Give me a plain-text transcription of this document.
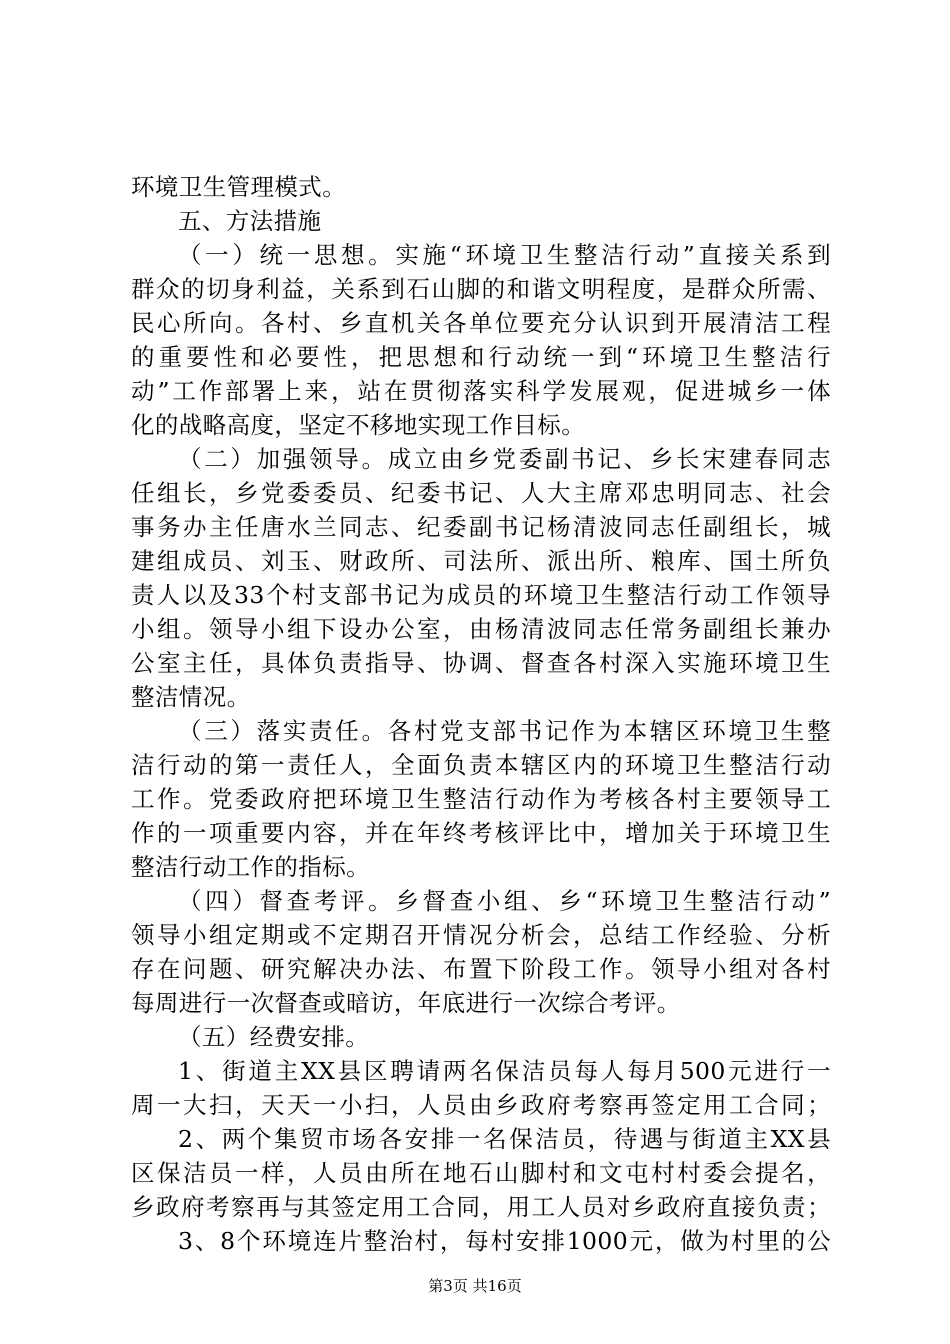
环境卫生管理模式。
五、方法措施
（一）统一思想。实施“环境卫生整洁行动”直接关系到
群众的切身利益，关系到石山脚的和谐文明程度，是群众所需、
民心所向。各村、乡直机关各单位要充分认识到开展清洁工程
的重要性和必要性，把思想和行动统一到“环境卫生整洁行
动”工作部署上来，站在贯彻落实科学发展观，促进城乡一体
化的战略高度，坚定不移地实现工作目标。
（二）加强领导。成立由乡党委副书记、乡长宋建春同志
任组长，乡党委委员、纪委书记、人大主席邓忠明同志、社会
事务办主任唐水兰同志、纪委副书记杨清波同志任副组长，城
建组成员、刘玉、财政所、司法所、派出所、粮库、国土所负
责人以及33个村支部书记为成员的环境卫生整洁行动工作领导
小组。领导小组下设办公室，由杨清波同志任常务副组长兼办
公室主任，具体负责指导、协调、督查各村深入实施环境卫生
整洁情况。
（三）落实责任。各村党支部书记作为本辖区环境卫生整
洁行动的第一责任人，全面负责本辖区内的环境卫生整洁行动
工作。党委政府把环境卫生整洁行动作为考核各村主要领导工
作的一项重要内容，并在年终考核评比中，增加关于环境卫生
整洁行动工作的指标。
（四）督查考评。乡督查小组、乡“环境卫生整洁行动”
领导小组定期或不定期召开情况分析会，总结工作经验、分析
存在问题、研究解决办法、布置下阶段工作。领导小组对各村
每周进行一次督查或暗访，年底进行一次综合考评。
（五）经费安排。
1、街道主XX县区聘请两名保洁员每人每月500元进行一
周一大扫，天天一小扫，人员由乡政府考察再签定用工合同；
2、两个集贸市场各安排一名保洁员，待遇与街道主XX县
区保洁员一样，人员由所在地石山脚村和文屯村村委会提名，
乡政府考察再与其签定用工合同，用工人员对乡政府直接负责；
3、8个环境连片整治村，每村安排1000元，做为村里的公
第3页 共16页
